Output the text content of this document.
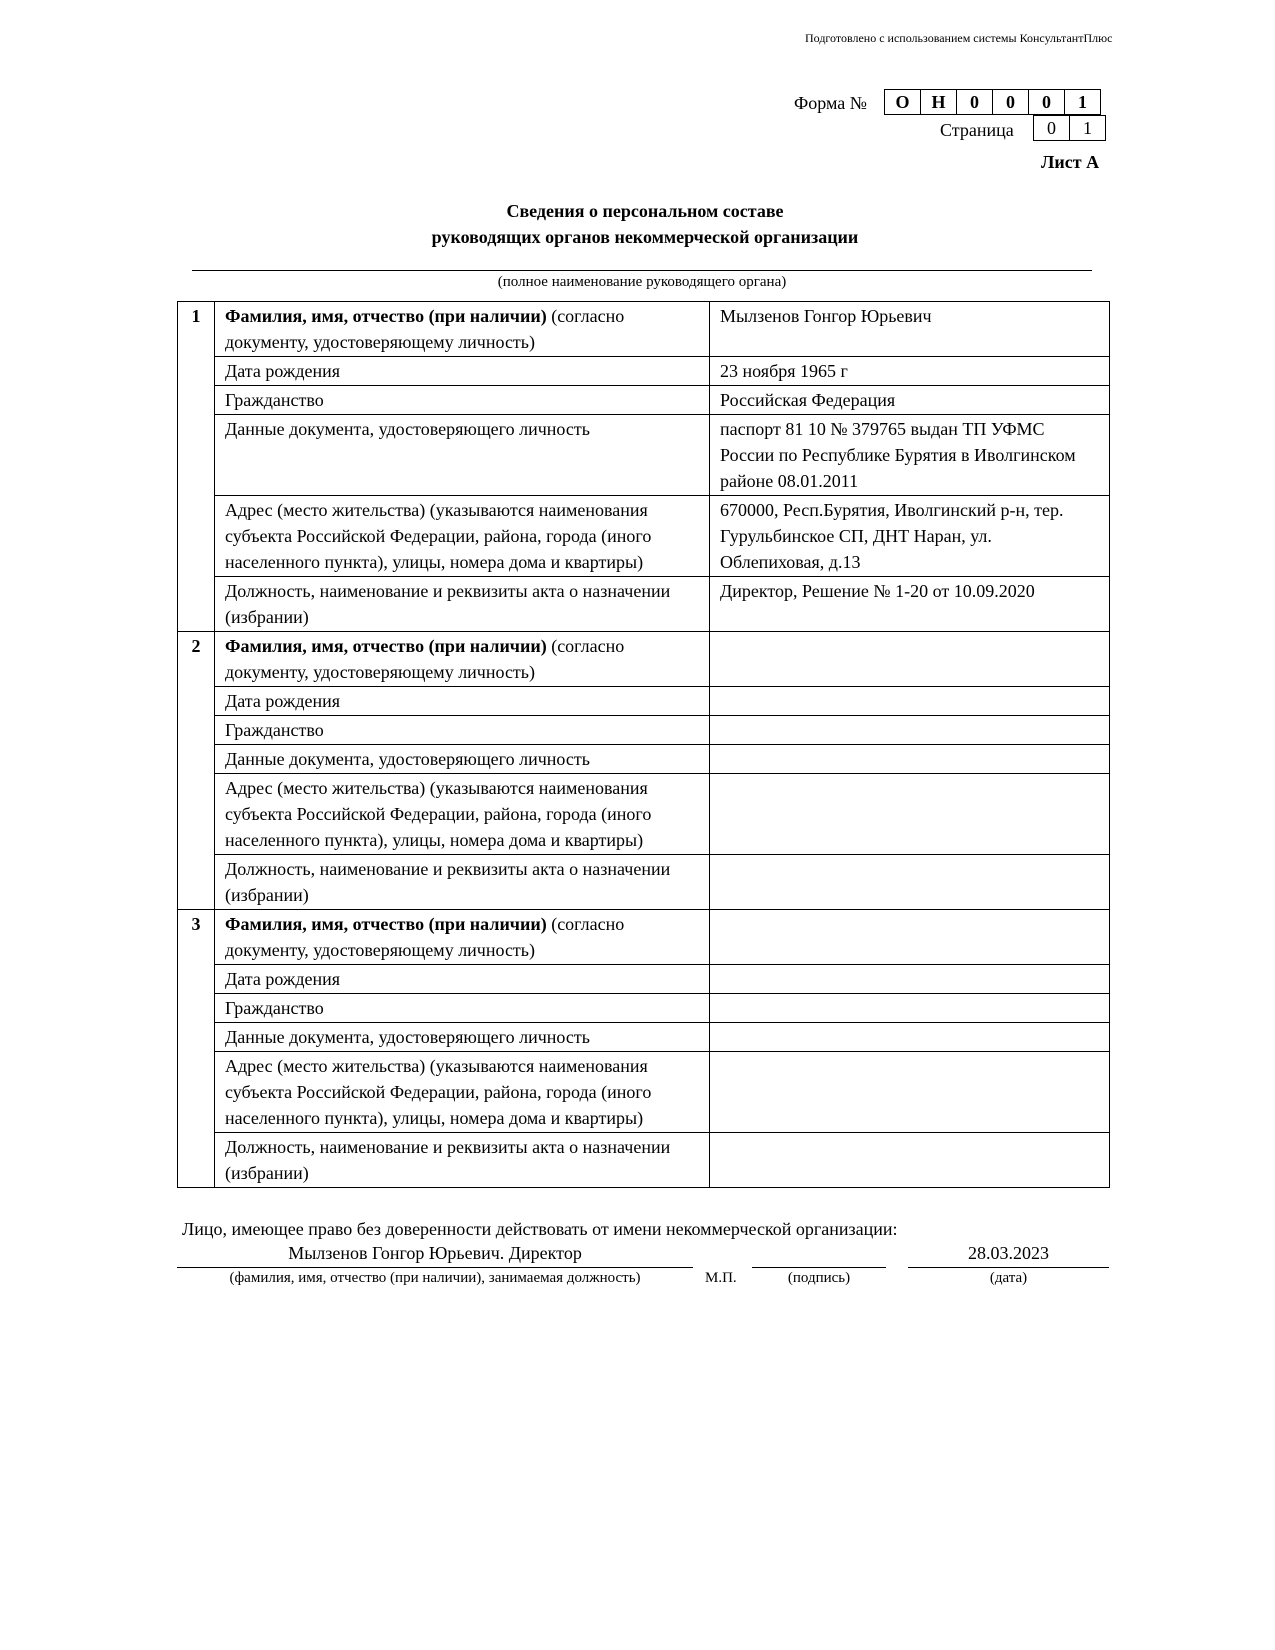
Подготовлено с использованием системы КонсультантПлюс
Форма № О	Н	0	0	0	1
Страница 0	1
Лист А
Сведения о персональном составе
руководящих органов некоммерческой организации
(полное наименование руководящего органа)
1	Фамилия, имя, отчество (при наличии) (согласно документу, удостоверяющему личность)	Мылзенов Гонгор Юрьевич
	Дата рождения	23 ноября 1965 г
	Гражданство	Российская Федерация
	Данные документа, удостоверяющего личность	паспорт 81 10 № 379765 выдан ТП УФМС России по Республике Бурятия в Иволгинском районе 08.01.2011
	Адрес (место жительства) (указываются наименования субъекта Российской Федерации, района, города (иного населенного пункта), улицы, номера дома и квартиры)	670000, Респ.Бурятия, Иволгинский р-н, тер. Гурульбинское СП, ДНТ Наран, ул. Облепиховая, д.13
	Должность, наименование и реквизиты акта о назначении (избрании)	Директор, Решение № 1-20 от 10.09.2020
2	Фамилия, имя, отчество (при наличии) (согласно документу, удостоверяющему личность)	
	Дата рождения	
	Гражданство	
	Данные документа, удостоверяющего личность	
	Адрес (место жительства) (указываются наименования субъекта Российской Федерации, района, города (иного населенного пункта), улицы, номера дома и квартиры)	
	Должность, наименование и реквизиты акта о назначении (избрании)	
3	Фамилия, имя, отчество (при наличии) (согласно документу, удостоверяющему личность)	
	Дата рождения	
	Гражданство	
	Данные документа, удостоверяющего личность	
	Адрес (место жительства) (указываются наименования субъекта Российской Федерации, района, города (иного населенного пункта), улицы, номера дома и квартиры)	
	Должность, наименование и реквизиты акта о назначении (избрании)	
Лицо, имеющее право без доверенности действовать от имени некоммерческой организации:
Мылзенов Гонгор Юрьевич. Директор	28.03.2023
(фамилия, имя, отчество (при наличии), занимаемая должность)	М.П.	(подпись)	(дата)
